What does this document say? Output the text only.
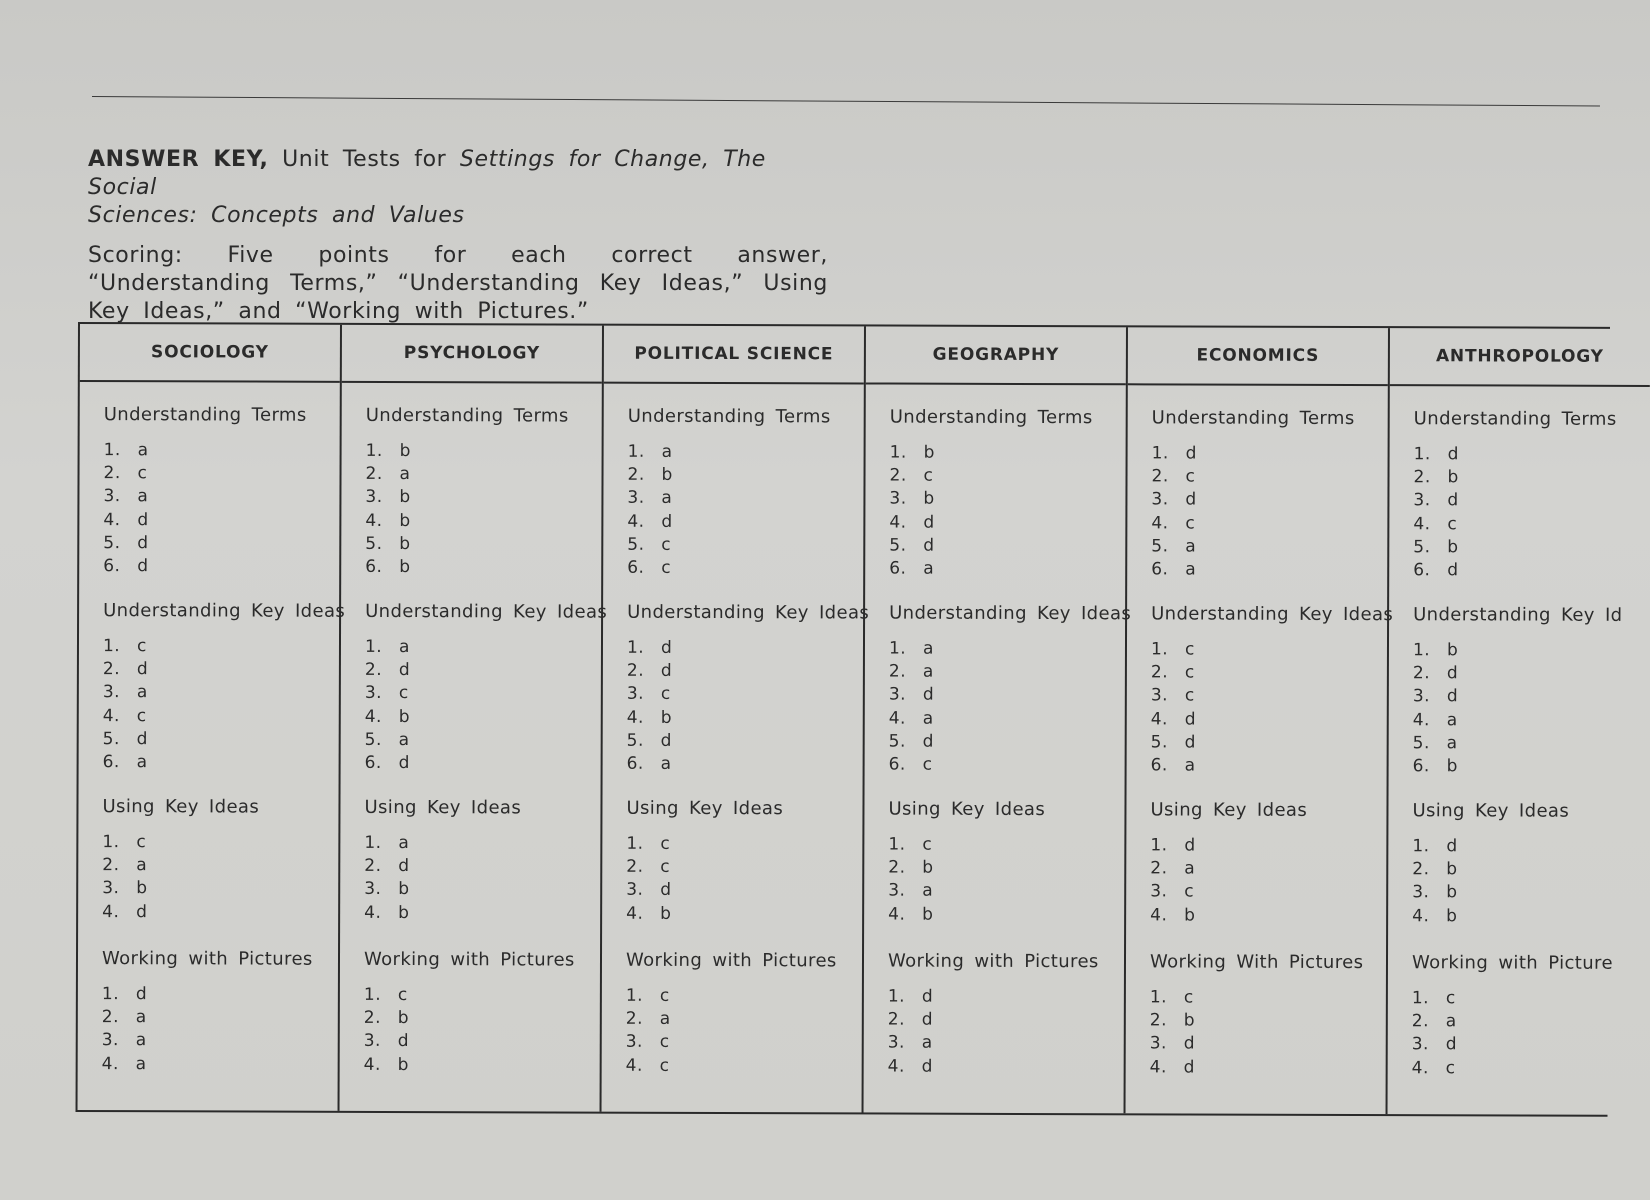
ANSWER KEY, Unit Tests for Settings for Change, The Social
Sciences: Concepts and Values

Scoring: Five points for each correct answer, “Understanding Terms,” “Understanding Key Ideas,” Using Key Ideas,” and “Working with Pictures.”

SOCIOLOGY
Understanding Terms
1. a
2. c
3. a
4. d
5. d
6. d
Understanding Key Ideas
1. c
2. d
3. a
4. c
5. d
6. a
Using Key Ideas
1. c
2. a
3. b
4. d
Working with Pictures
1. d
2. a
3. a
4. a
PSYCHOLOGY
Understanding Terms
1. b
2. a
3. b
4. b
5. b
6. b
Understanding Key Ideas
1. a
2. d
3. c
4. b
5. a
6. d
Using Key Ideas
1. a
2. d
3. b
4. b
Working with Pictures
1. c
2. b
3. d
4. b
POLITICAL SCIENCE
Understanding Terms
1. a
2. b
3. a
4. d
5. c
6. c
Understanding Key Ideas
1. d
2. d
3. c
4. b
5. d
6. a
Using Key Ideas
1. c
2. c
3. d
4. b
Working with Pictures
1. c
2. a
3. c
4. c
GEOGRAPHY
Understanding Terms
1. b
2. c
3. b
4. d
5. d
6. a
Understanding Key Ideas
1. a
2. a
3. d
4. a
5. d
6. c
Using Key Ideas
1. c
2. b
3. a
4. b
Working with Pictures
1. d
2. d
3. a
4. d
ECONOMICS
Understanding Terms
1. d
2. c
3. d
4. c
5. a
6. a
Understanding Key Ideas
1. c
2. c
3. c
4. d
5. d
6. a
Using Key Ideas
1. d
2. a
3. c
4. b
Working With Pictures
1. c
2. b
3. d
4. d
ANTHROPOLOGY
Understanding Terms
1. d
2. b
3. d
4. c
5. b
6. d
Understanding Key Id
1. b
2. d
3. d
4. a
5. a
6. b
Using Key Ideas
1. d
2. b
3. b
4. b
Working with Picture
1. c
2. a
3. d
4. c
